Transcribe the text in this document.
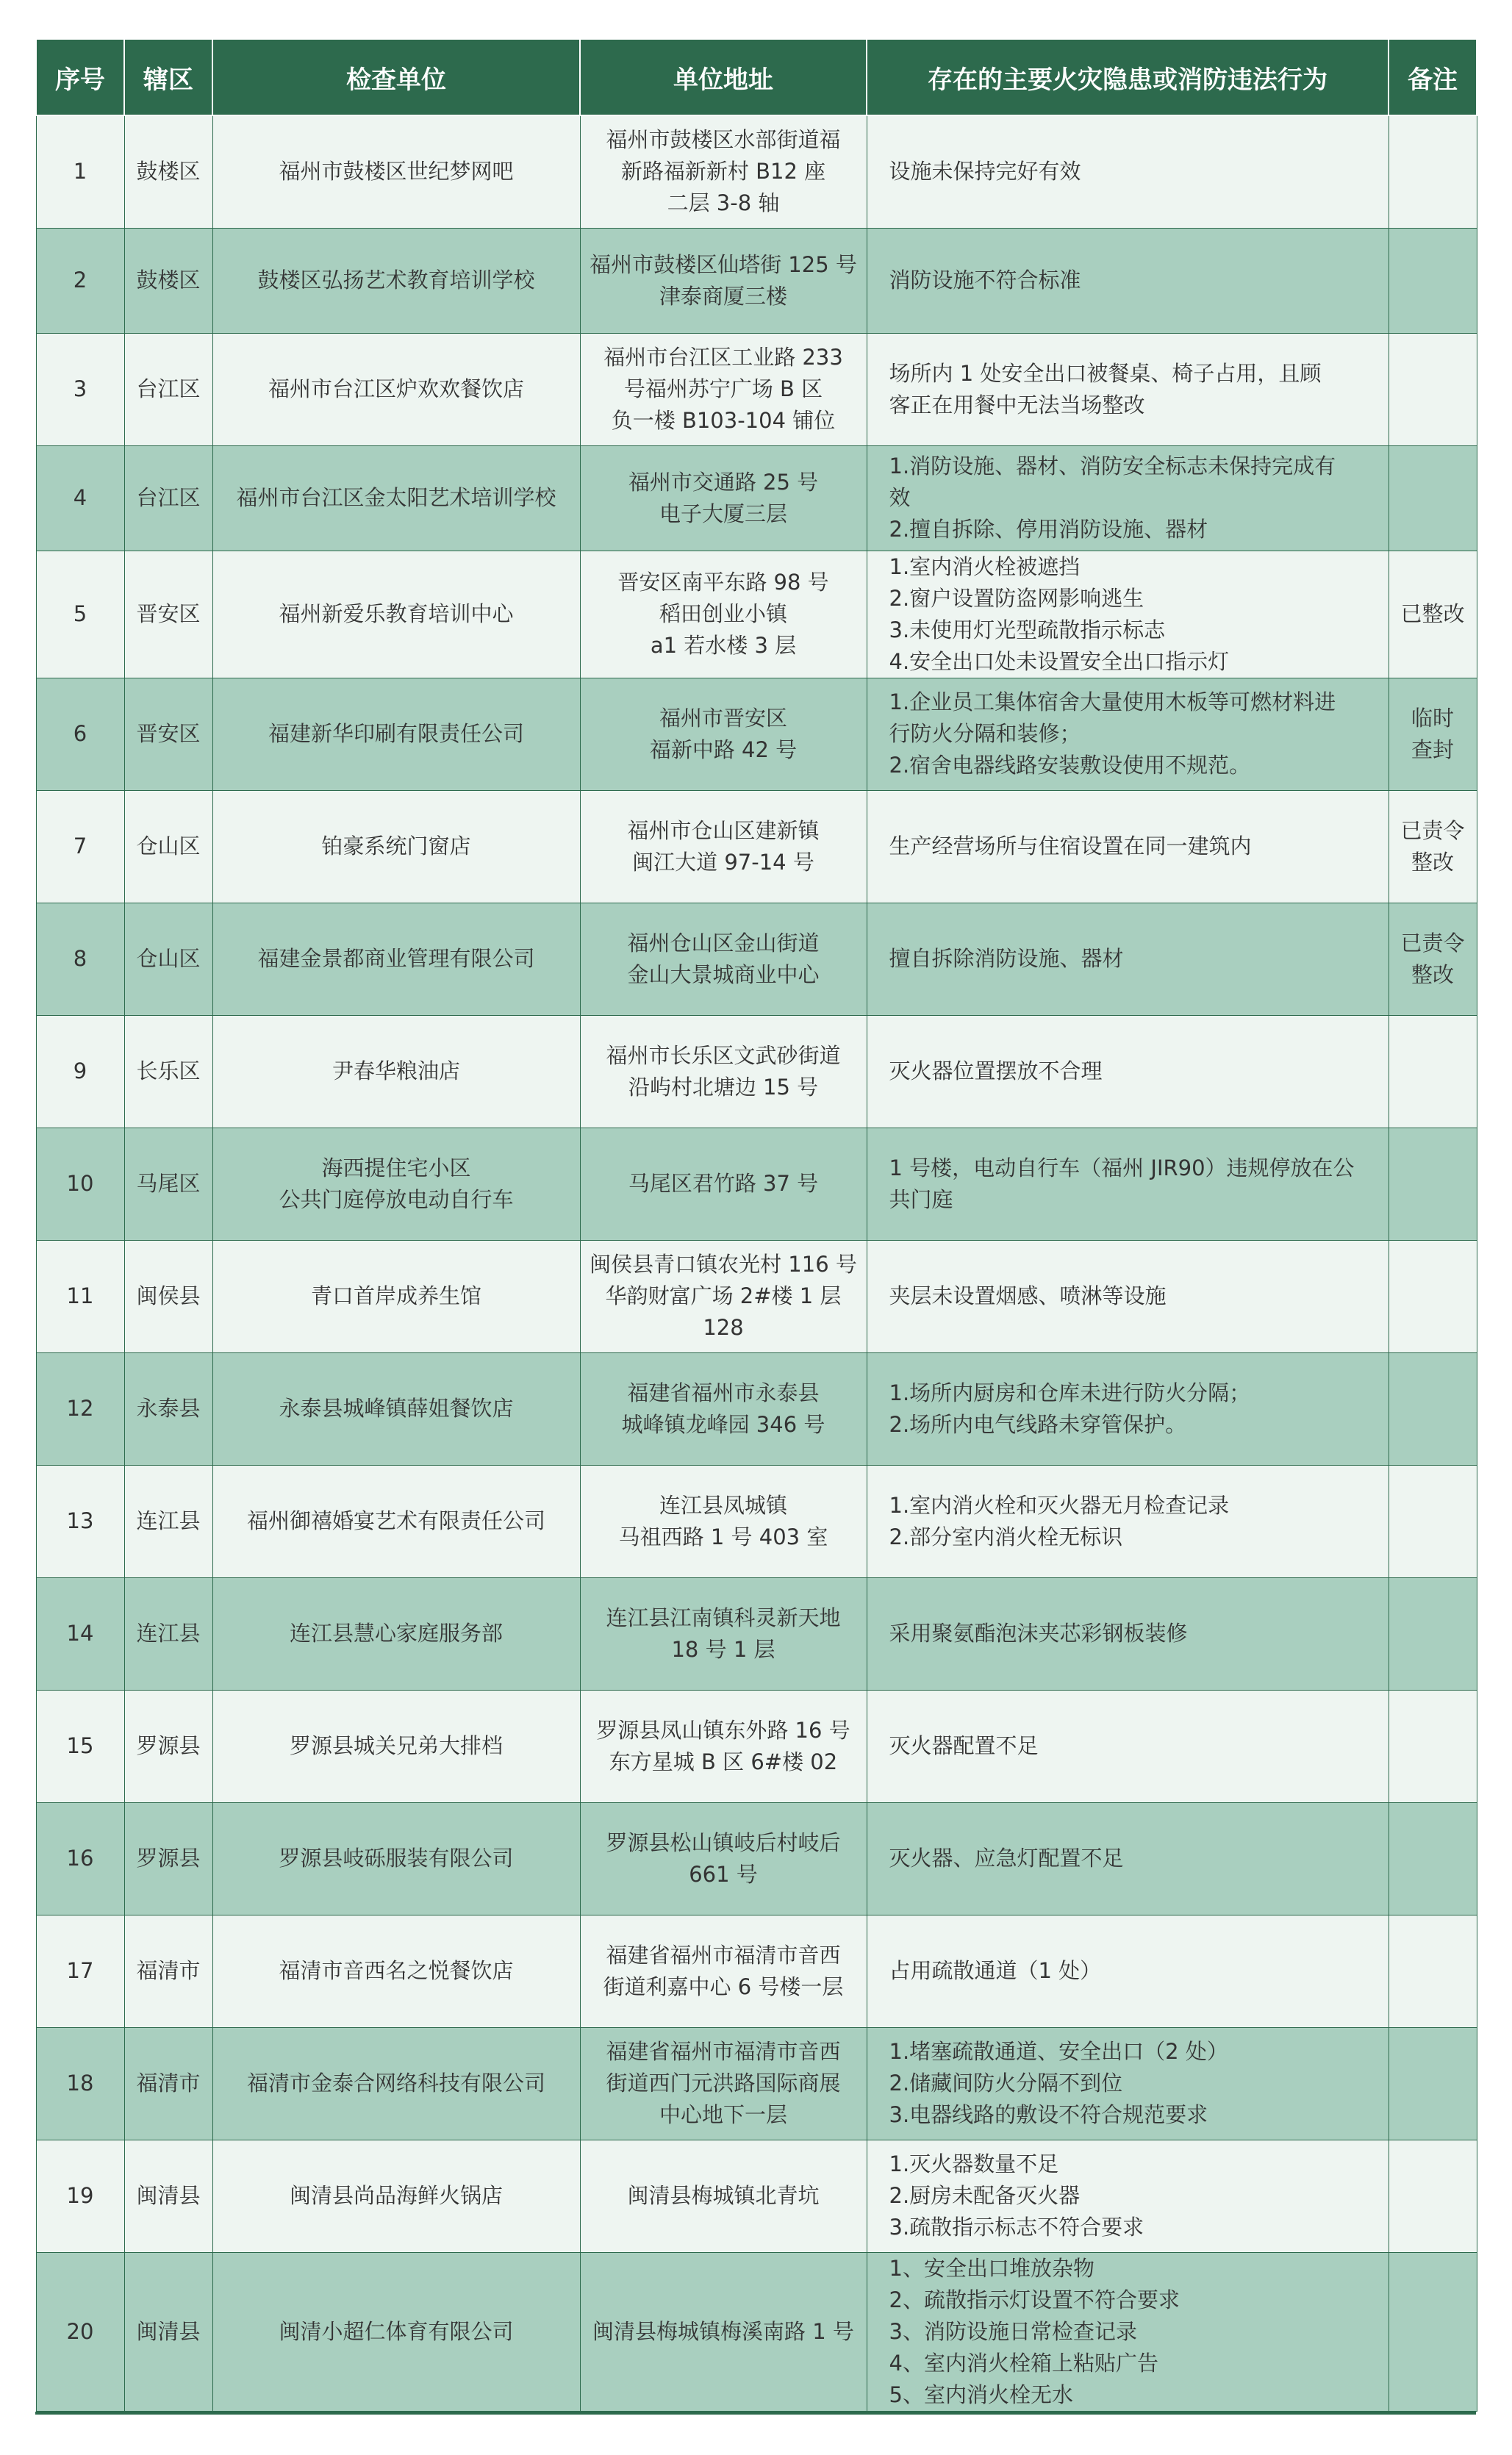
序号	辖区	检查单位	单位地址	存在的主要火灾隐患或消防违法行为	备注
1	鼓楼区	福州市鼓楼区世纪梦网吧	福州市鼓楼区水部街道福
新路福新新村 B12 座
二层 3-8 轴	设施未保持完好有效	

2	鼓楼区	鼓楼区弘扬艺术教育培训学校	福州市鼓楼区仙塔街 125 号
津泰商厦三楼	消防设施不符合标准	

3	台江区	福州市台江区炉欢欢餐饮店	福州市台江区工业路 233
号福州苏宁广场 B 区
负一楼 B103-104 铺位	场所内 1 处安全出口被餐桌、椅子占用，且顾
客正在用餐中无法当场整改	

4	台江区	福州市台江区金太阳艺术培训学校	福州市交通路 25 号
电子大厦三层	1.消防设施、器材、消防安全标志未保持完成有
效
2.擅自拆除、停用消防设施、器材	

5	晋安区	福州新爱乐教育培训中心	晋安区南平东路 98 号
稻田创业小镇
a1 若水楼 3 层	1.室内消火栓被遮挡
2.窗户设置防盗网影响逃生
3.未使用灯光型疏散指示标志
4.安全出口处未设置安全出口指示灯	已整改

6	晋安区	福建新华印刷有限责任公司	福州市晋安区
福新中路 42 号	1.企业员工集体宿舍大量使用木板等可燃材料进
行防火分隔和装修；
2.宿舍电器线路安装敷设使用不规范。	临时
查封

7	仓山区	铂豪系统门窗店	福州市仓山区建新镇
闽江大道 97-14 号	生产经营场所与住宿设置在同一建筑内	已责令
整改

8	仓山区	福建金景都商业管理有限公司	福州仓山区金山街道
金山大景城商业中心	擅自拆除消防设施、器材	已责令
整改

9	长乐区	尹春华粮油店	福州市长乐区文武砂街道
沿屿村北塘边 15 号	灭火器位置摆放不合理	

10	马尾区	海西提住宅小区
公共门庭停放电动自行车	马尾区君竹路 37 号	1 号楼，电动自行车（福州 JIR90）违规停放在公
共门庭	

11	闽侯县	青口首岸成养生馆	闽侯县青口镇农光村 116 号
华韵财富广场 2#楼 1 层 128	夹层未设置烟感、喷淋等设施	

12	永泰县	永泰县城峰镇薛姐餐饮店	福建省福州市永泰县
城峰镇龙峰园 346 号	1.场所内厨房和仓库未进行防火分隔；
2.场所内电气线路未穿管保护。	

13	连江县	福州御禧婚宴艺术有限责任公司	连江县凤城镇
马祖西路 1 号 403 室	1.室内消火栓和灭火器无月检查记录
2.部分室内消火栓无标识	

14	连江县	连江县慧心家庭服务部	连江县江南镇科灵新天地
18 号 1 层	采用聚氨酯泡沫夹芯彩钢板装修	

15	罗源县	罗源县城关兄弟大排档	罗源县凤山镇东外路 16 号
东方星城 B 区 6#楼 02	灭火器配置不足	

16	罗源县	罗源县岐砾服装有限公司	罗源县松山镇岐后村岐后
661 号	灭火器、应急灯配置不足	

17	福清市	福清市音西名之悦餐饮店	福建省福州市福清市音西
街道利嘉中心 6 号楼一层	占用疏散通道（1 处）	

18	福清市	福清市金泰合网络科技有限公司	福建省福州市福清市音西
街道西门元洪路国际商展
中心地下一层	1.堵塞疏散通道、安全出口（2 处）
2.储藏间防火分隔不到位
3.电器线路的敷设不符合规范要求	

19	闽清县	闽清县尚品海鲜火锅店	闽清县梅城镇北青坑	1.灭火器数量不足
2.厨房未配备灭火器
3.疏散指示标志不符合要求	

20	闽清县	闽清小超仁体育有限公司	闽清县梅城镇梅溪南路 1 号	1、安全出口堆放杂物
2、疏散指示灯设置不符合要求
3、消防设施日常检查记录
4、室内消火栓箱上粘贴广告
5、室内消火栓无水	
